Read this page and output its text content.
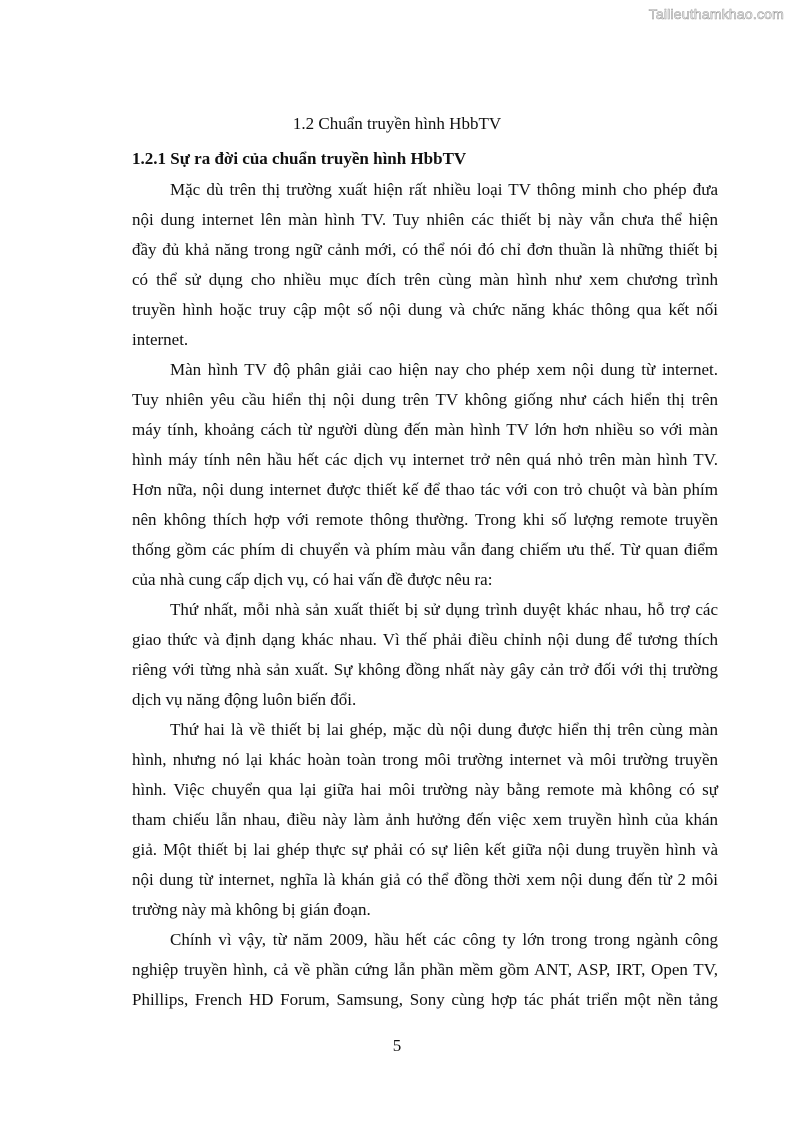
Tailieuthamkhao.com
1.2 Chuẩn truyền hình HbbTV
1.2.1 Sự ra đời của chuẩn truyền hình HbbTV
Mặc dù trên thị trường xuất hiện rất nhiều loại TV thông minh cho phép đưa
nội dung internet lên màn hình TV. Tuy nhiên các thiết bị này vẫn chưa thể hiện
đầy đủ khả năng trong ngữ cảnh mới, có thể nói đó chỉ đơn thuần là những thiết bị
có thể sử dụng cho nhiều mục đích trên cùng màn hình như xem chương trình
truyền hình hoặc truy cập một số nội dung và chức năng khác thông qua kết nối
internet.
Màn hình TV độ phân giải cao hiện nay cho phép xem nội dung từ internet.
Tuy nhiên yêu cầu hiển thị nội dung trên TV không giống như cách hiển thị trên
máy tính, khoảng cách từ người dùng đến màn hình TV lớn hơn nhiều so với màn
hình máy tính nên hầu hết các dịch vụ internet trở nên quá nhỏ trên màn hình TV.
Hơn nữa, nội dung internet được thiết kế để thao tác với con trỏ chuột và bàn phím
nên không thích hợp với remote thông thường. Trong khi số lượng remote truyền
thống gồm các phím di chuyển và phím màu vẫn đang chiếm ưu thế. Từ quan điểm
của nhà cung cấp dịch vụ, có hai vấn đề được nêu ra:
Thứ nhất, mỗi nhà sản xuất thiết bị sử dụng trình duyệt khác nhau, hỗ trợ các
giao thức và định dạng khác nhau. Vì thế phải điều chỉnh nội dung để tương thích
riêng với từng nhà sản xuất. Sự không đồng nhất này gây cản trở đối với thị trường
dịch vụ năng động luôn biến đổi.
Thứ hai là về thiết bị lai ghép, mặc dù nội dung được hiển thị trên cùng màn
hình, nhưng nó lại khác hoàn toàn trong môi trường internet và môi trường truyền
hình. Việc chuyển qua lại giữa hai môi trường này bằng remote mà không có sự
tham chiếu lẫn nhau, điều này làm ảnh hưởng đến việc xem truyền hình của khán
giả. Một thiết bị lai ghép thực sự phải có sự liên kết giữa nội dung truyền hình và
nội dung từ internet, nghĩa là khán giả có thể đồng thời xem nội dung đến từ 2 môi
trường này mà không bị gián đoạn.
Chính vì vậy, từ năm 2009, hầu hết các công ty lớn trong trong ngành công
nghiệp truyền hình, cả về phần cứng lẫn phần mềm gồm ANT, ASP, IRT, Open TV,
Phillips, French HD Forum, Samsung, Sony cùng hợp tác phát triển một nền tảng
5
